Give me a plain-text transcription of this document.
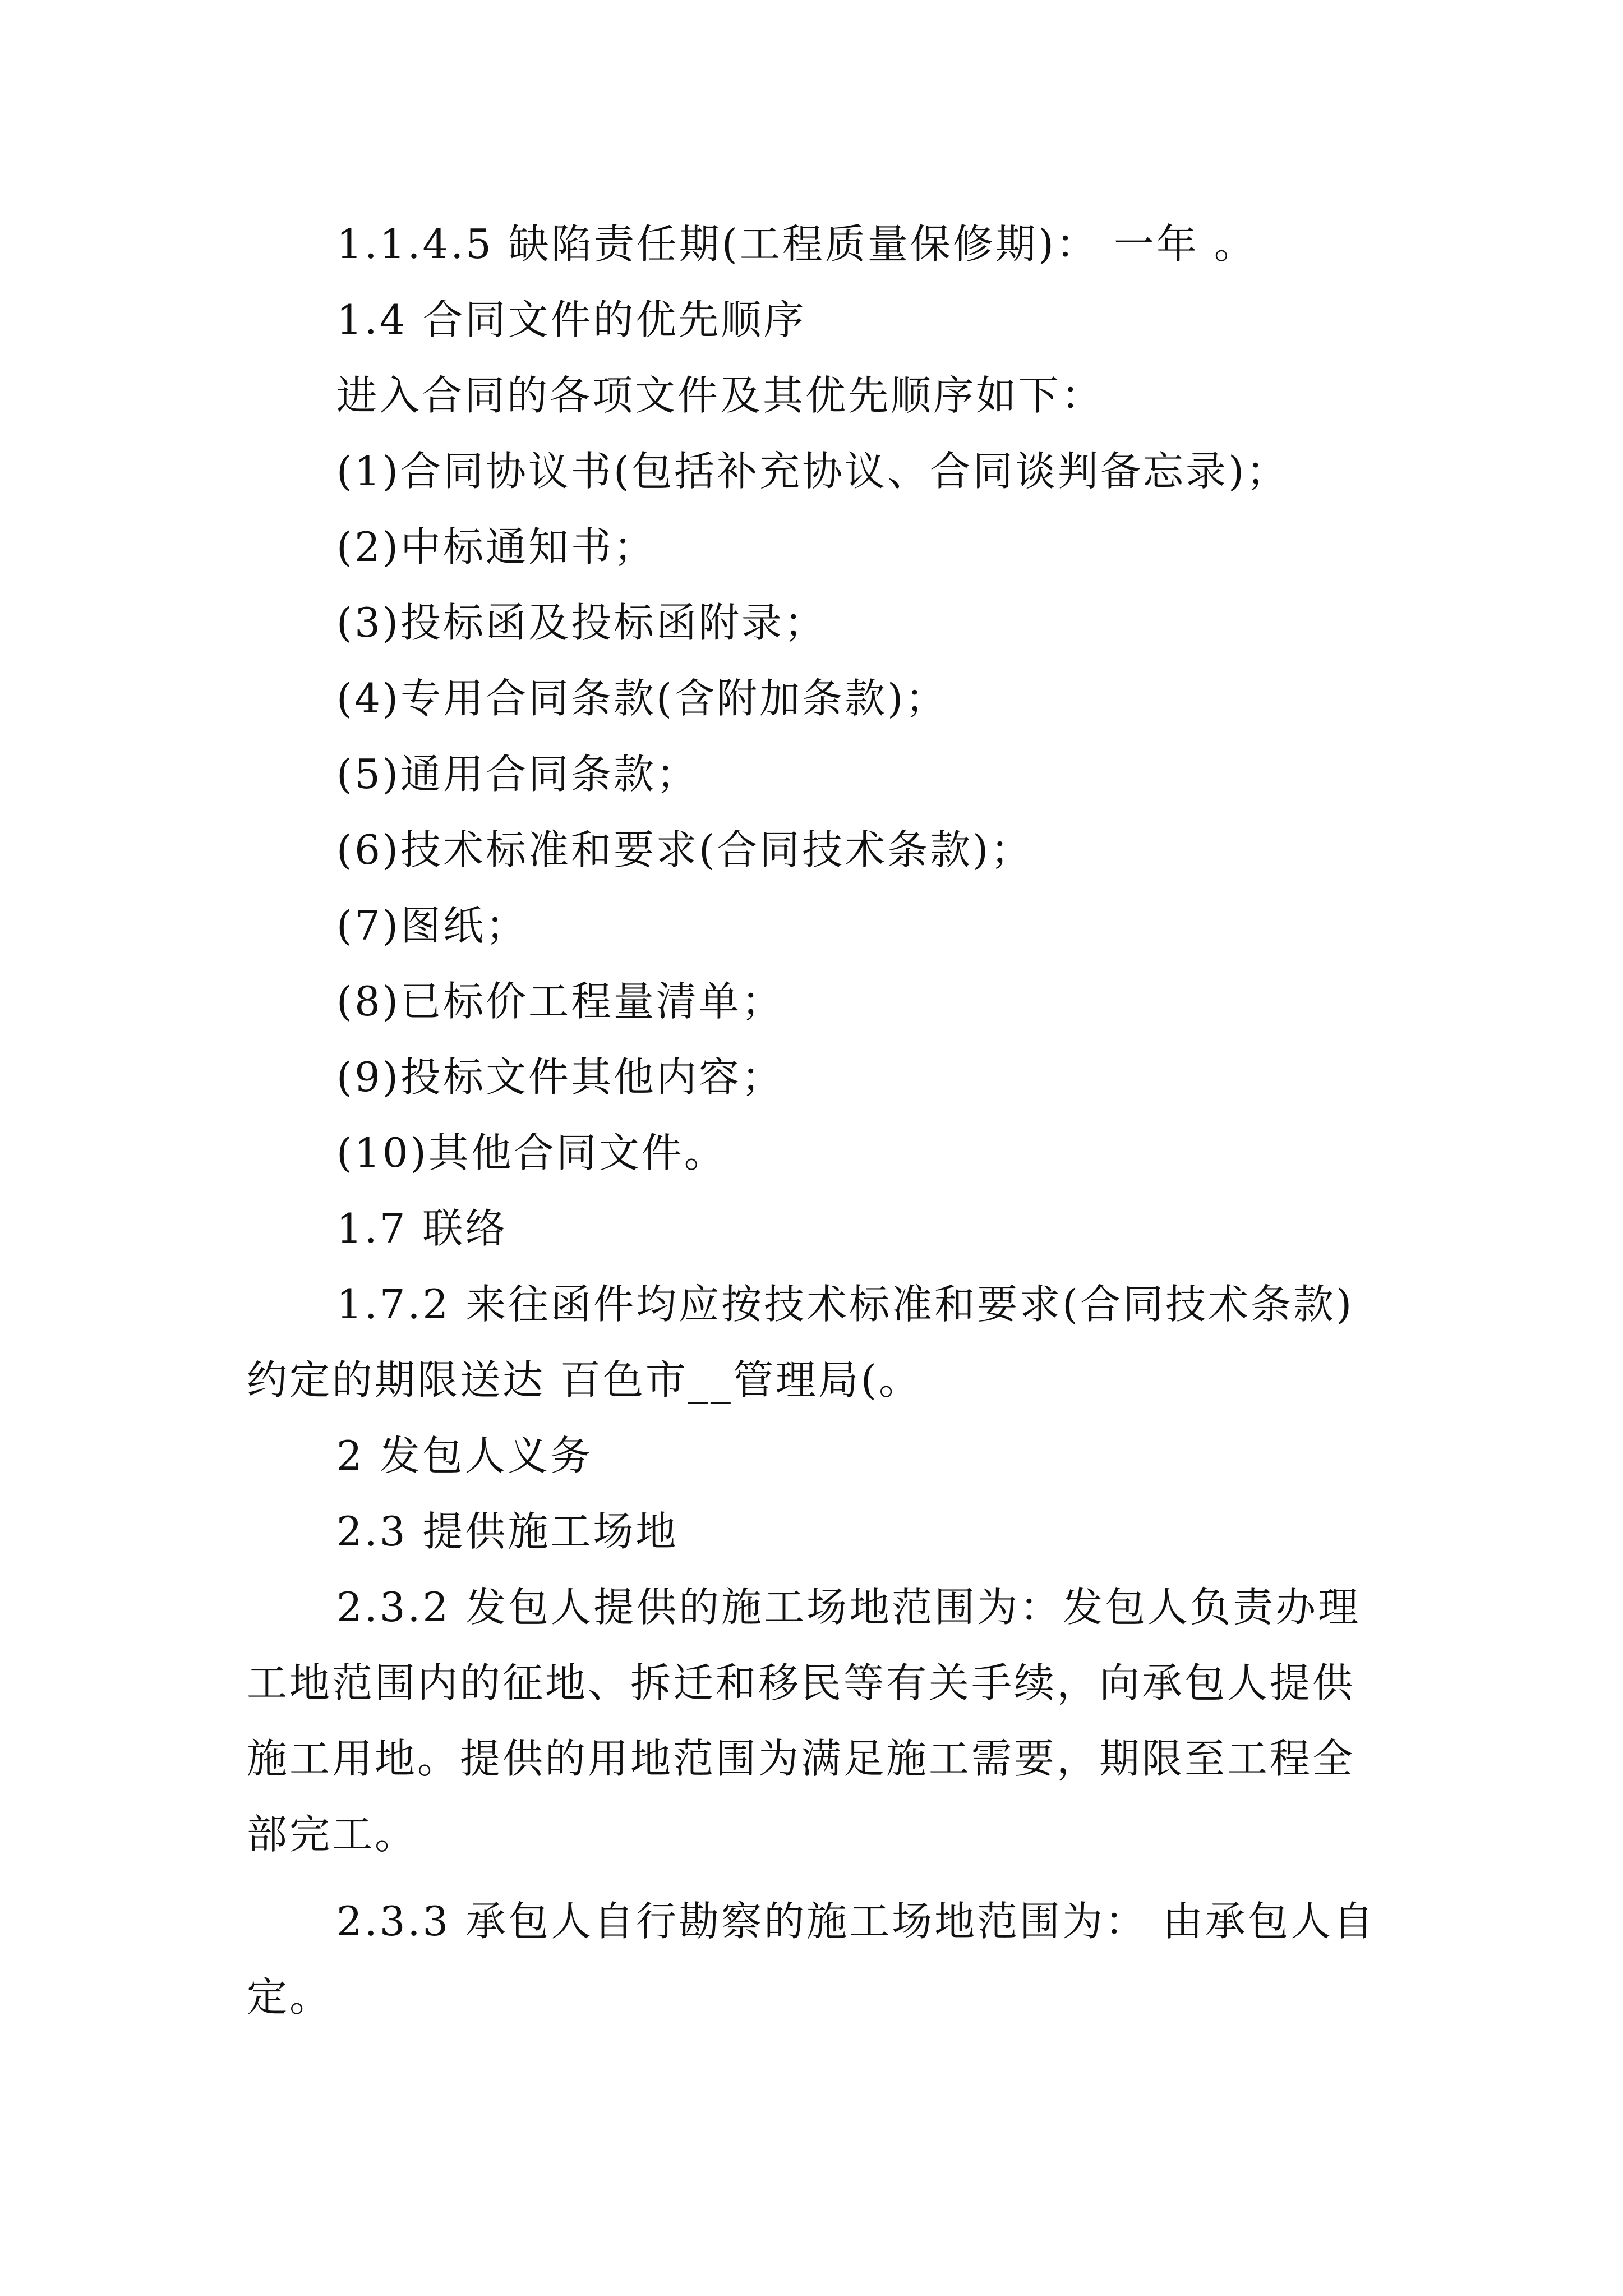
1.1.4.5 缺陷责任期(工程质量保修期)： 一年 。
1.4 合同文件的优先顺序
进入合同的各项文件及其优先顺序如下：
(1)合同协议书(包括补充协议、合同谈判备忘录)；
(2)中标通知书；
(3)投标函及投标函附录；
(4)专用合同条款(含附加条款)；
(5)通用合同条款；
(6)技术标准和要求(合同技术条款)；
(7)图纸；
(8)已标价工程量清单；
(9)投标文件其他内容；
(10)其他合同文件。
1.7 联络
1.7.2 来往函件均应按技术标准和要求(合同技术条款)
约定的期限送达 百色市__管理局(。
2 发包人义务
2.3 提供施工场地
2.3.2 发包人提供的施工场地范围为：发包人负责办理
工地范围内的征地、拆迁和移民等有关手续，向承包人提供
施工用地。提供的用地范围为满足施工需要，期限至工程全
部完工。
2.3.3 承包人自行勘察的施工场地范围为： 由承包人自
定。
